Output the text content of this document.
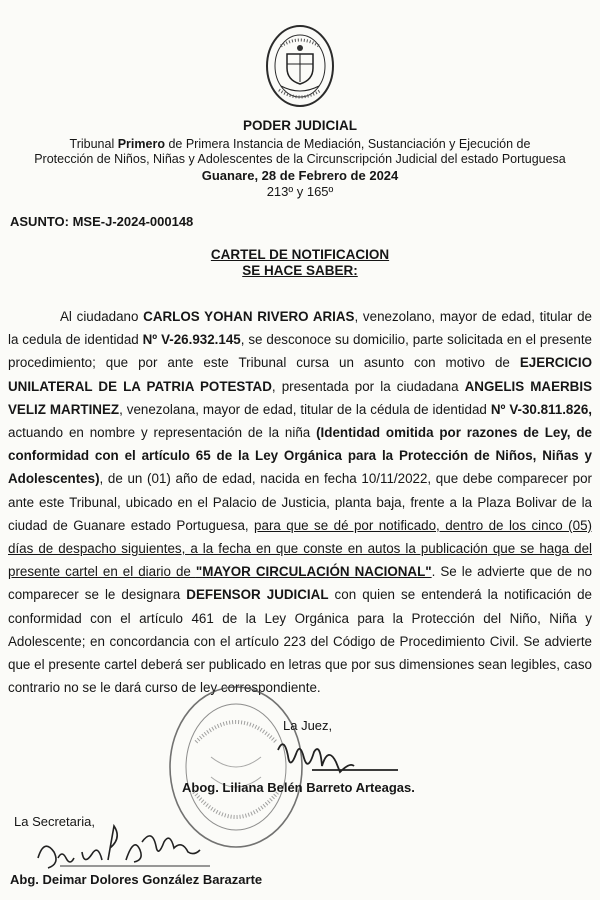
PODER JUDICIAL
Tribunal Primero de Primera Instancia de Mediación, Sustanciación y Ejecución de
Protección de Niños, Niñas y Adolescentes de la Circunscripción Judicial del estado Portuguesa
Guanare, 28 de Febrero de 2024
213º y 165º
ASUNTO: MSE-J-2024-000148
CARTEL DE NOTIFICACION
SE HACE SABER:
Al ciudadano CARLOS YOHAN RIVERO ARIAS, venezolano, mayor de edad, titular de la cedula de identidad Nº V-26.932.145, se desconoce su domicilio, parte solicitada en el presente procedimiento; que por ante este Tribunal cursa un asunto con motivo de EJERCICIO UNILATERAL DE LA PATRIA POTESTAD, presentada por la ciudadana ANGELIS MAERBIS VELIZ MARTINEZ, venezolana, mayor de edad, titular de la cédula de identidad Nº V-30.811.826, actuando en nombre y representación de la niña (Identidad omitida por razones de Ley, de conformidad con el artículo 65 de la Ley Orgánica para la Protección de Niños, Niñas y Adolescentes), de un (01) año de edad, nacida en fecha 10/11/2022, que debe comparecer por ante este Tribunal, ubicado en el Palacio de Justicia, planta baja, frente a la Plaza Bolivar de la ciudad de Guanare estado Portuguesa, para que se dé por notificado, dentro de los cinco (05) días de despacho siguientes, a la fecha en que conste en autos la publicación que se haga del presente cartel en el diario de "MAYOR CIRCULACIÓN NACIONAL". Se le advierte que de no comparecer se le designara DEFENSOR JUDICIAL con quien se entenderá la notificación de conformidad con el artículo 461 de la Ley Orgánica para la Protección del Niño, Niña y Adolescente; en concordancia con el artículo 223 del Código de Procedimiento Civil. Se advierte que el presente cartel deberá ser publicado en letras que por sus dimensiones sean legibles, caso contrario no se le dará curso de ley correspondiente.
La Juez,
Abog. Liliana Belén Barreto Arteagas.
La Secretaria,
Abg. Deimar Dolores González Barazarte
